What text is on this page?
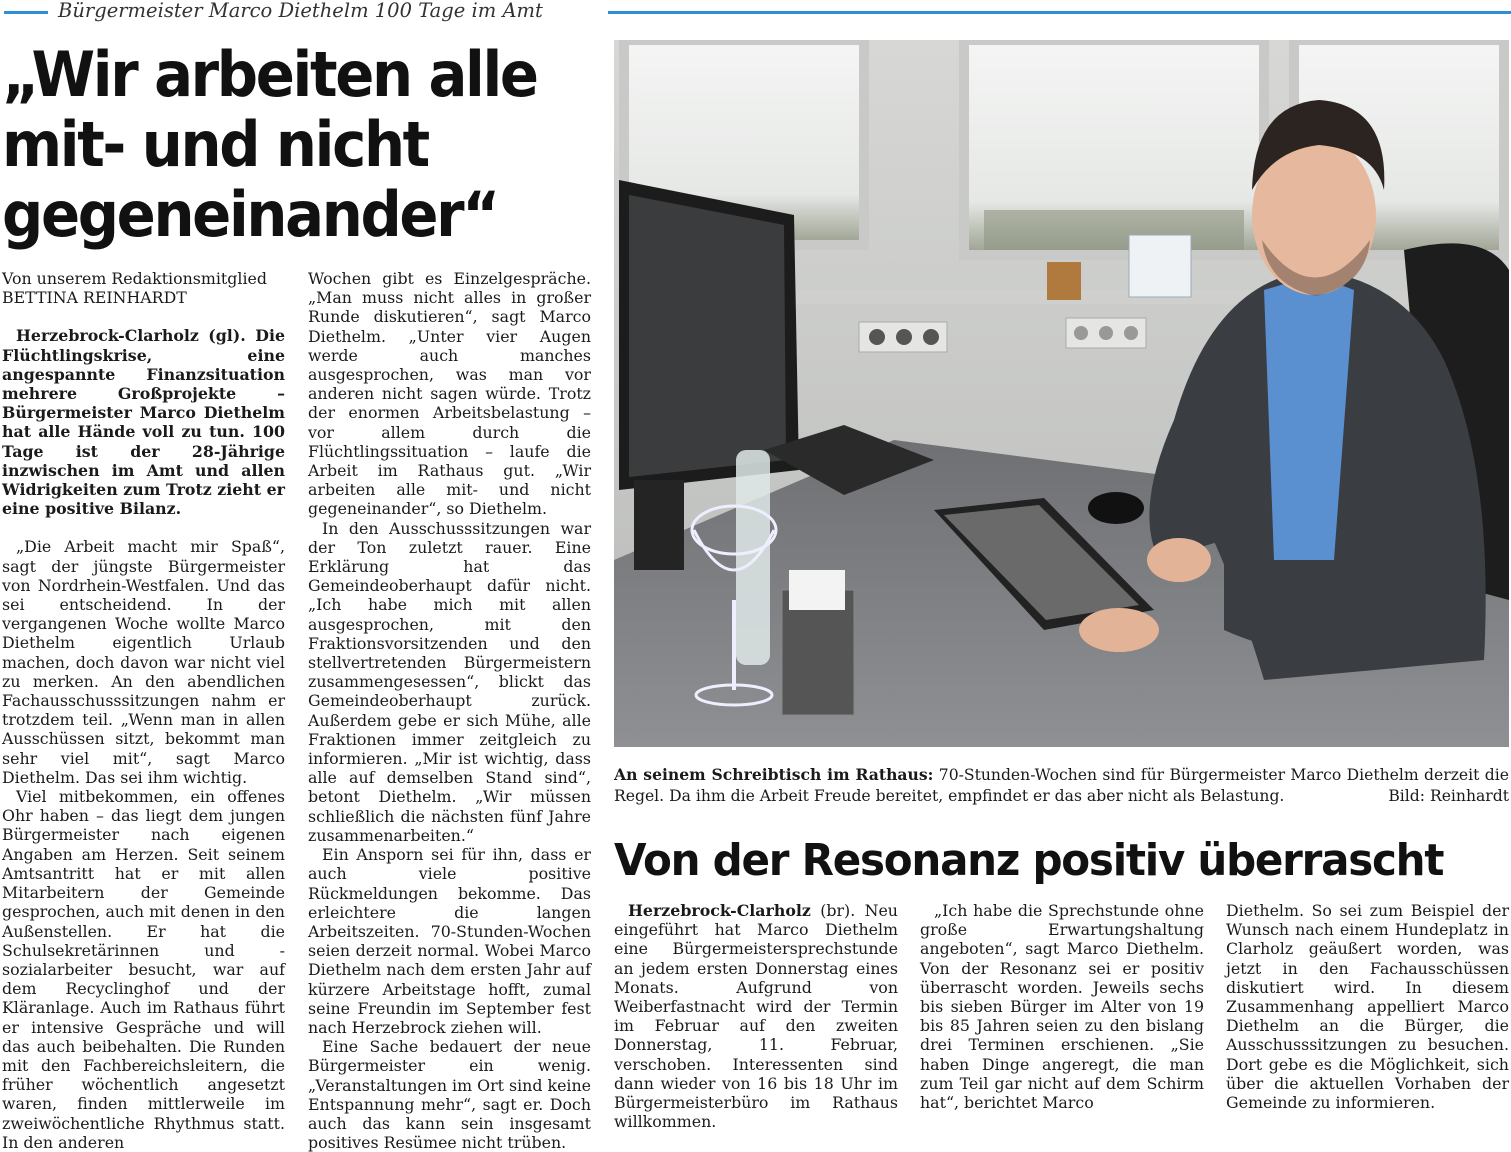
Bürgermeister Marco Diethelm 100 Tage im Amt
„Wir arbeiten alle mit- und nicht gegeneinander“
Von unserem Redaktionsmitglied
BETTINA REINHARDT

Herzebrock-Clarholz (gl). Die Flüchtlingskrise, eine angespannte Finanzsituation mehrere Großprojekte – Bürgermeister Marco Diethelm hat alle Hände voll zu tun. 100 Tage ist der 28-Jährige inzwischen im Amt und allen Widrigkeiten zum Trotz zieht er eine positive Bilanz.

„Die Arbeit macht mir Spaß“, sagt der jüngste Bürgermeister von Nordrhein-Westfalen. Und das sei entscheidend. In der vergangenen Woche wollte Marco Diethelm eigentlich Urlaub machen, doch davon war nicht viel zu merken. An den abendlichen Fachausschusssitzungen nahm er trotzdem teil. „Wenn man in allen Ausschüssen sitzt, bekommt man sehr viel mit“, sagt Marco Diethelm. Das sei ihm wichtig.

Viel mitbekommen, ein offenes Ohr haben – das liegt dem jungen Bürgermeister nach eigenen Angaben am Herzen. Seit seinem Amtsantritt hat er mit allen Mitarbeitern der Gemeinde gesprochen, auch mit denen in den Außenstellen. Er hat die Schulsekretärinnen und -sozialarbeiter besucht, war auf dem Recyclinghof und der Kläranlage. Auch im Rathaus führt er intensive Gespräche und will das auch beibehalten. Die Runden mit den Fachbereichsleitern, die früher wöchentlich angesetzt waren, finden mittlerweile im zweiwöchentliche Rhythmus statt. In den anderen

Wochen gibt es Einzelgespräche. „Man muss nicht alles in großer Runde diskutieren“, sagt Marco Diethelm. „Unter vier Augen werde auch manches ausgesprochen, was man vor anderen nicht sagen würde. Trotz der enormen Arbeitsbelastung – vor allem durch die Flüchtlingssituation – laufe die Arbeit im Rathaus gut. „Wir arbeiten alle mit- und nicht gegeneinander“, so Diethelm.

In den Ausschusssitzungen war der Ton zuletzt rauer. Eine Erklärung hat das Gemeindeoberhaupt dafür nicht. „Ich habe mich mit allen ausgesprochen, mit den Fraktionsvorsitzenden und den stellvertretenden Bürgermeistern zusammengesessen“, blickt das Gemeindeoberhaupt zurück. Außerdem gebe er sich Mühe, alle Fraktionen immer zeitgleich zu informieren. „Mir ist wichtig, dass alle auf demselben Stand sind“, betont Diethelm. „Wir müssen schließlich die nächsten fünf Jahre zusammenarbeiten.“

Ein Ansporn sei für ihn, dass er auch viele positive Rückmeldungen bekomme. Das erleichtere die langen Arbeitszeiten. 70-Stunden-Wochen seien derzeit normal. Wobei Marco Diethelm nach dem ersten Jahr auf kürzere Arbeitstage hofft, zumal seine Freundin im September fest nach Herzebrock ziehen will.

Eine Sache bedauert der neue Bürgermeister ein wenig. „Veranstaltungen im Ort sind keine Entspannung mehr“, sagt er. Doch auch das kann sein insgesamt positives Resümee nicht trüben.

An seinem Schreibtisch im Rathaus: 70-Stunden-Wochen sind für Bürgermeister Marco Diethelm derzeit die Regel. Da ihm die Arbeit Freude bereitet, empfindet er das aber nicht als Belastung.	Bild: Reinhardt
Von der Resonanz positiv überrascht

Herzebrock-Clarholz (br). Neu eingeführt hat Marco Diethelm eine Bürgermeistersprechstunde an jedem ersten Donnerstag eines Monats. Aufgrund von Weiberfastnacht wird der Termin im Februar auf den zweiten Donnerstag, 11. Februar, verschoben. Interessenten sind dann wieder von 16 bis 18 Uhr im Bürgermeisterbüro im Rathaus willkommen.

„Ich habe die Sprechstunde ohne große Erwartungshaltung angeboten“, sagt Marco Diethelm. Von der Resonanz sei er positiv überrascht worden. Jeweils sechs bis sieben Bürger im Alter von 19 bis 85 Jahren seien zu den bislang drei Terminen erschienen. „Sie haben Dinge angeregt, die man zum Teil gar nicht auf dem Schirm hat“, berichtet Marco

Diethelm. So sei zum Beispiel der Wunsch nach einem Hundeplatz in Clarholz geäußert worden, was jetzt in den Fachausschüssen diskutiert wird. In diesem Zusammenhang appelliert Marco Diethelm an die Bürger, die Ausschusssitzungen zu besuchen. Dort gebe es die Möglichkeit, sich über die aktuellen Vorhaben der Gemeinde zu informieren.
